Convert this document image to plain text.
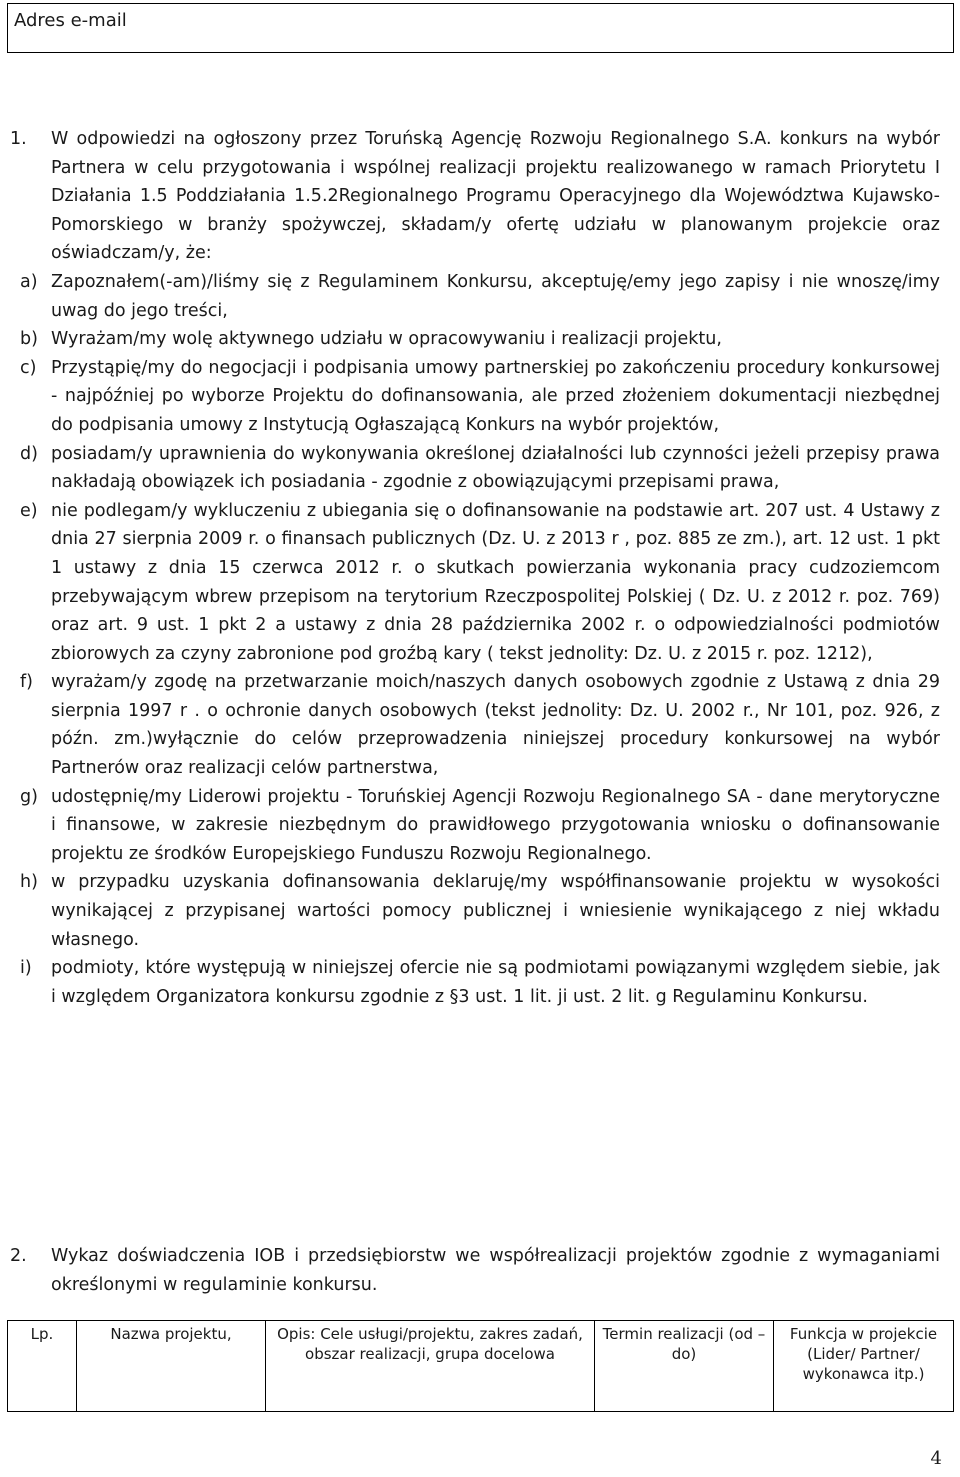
Adres e-mail
1. W odpowiedzi na ogłoszony przez Toruńską Agencję Rozwoju Regionalnego S.A. konkurs na wybór Partnera w celu przygotowania i wspólnej realizacji projektu realizowanego w ramach Priorytetu I Działania 1.5 Poddziałania 1.5.2Regionalnego Programu Operacyjnego dla Województwa Kujawsko-Pomorskiego w branży spożywczej, składam/y ofertę udziału w planowanym projekcie oraz oświadczam/y, że:
a) Zapoznałem(-am)/liśmy się z Regulaminem Konkursu, akceptuję/emy jego zapisy i nie wnoszę/imy uwag do jego treści,
b) Wyrażam/my wolę aktywnego udziału w opracowywaniu i realizacji projektu,
c) Przystąpię/my do negocjacji i podpisania umowy partnerskiej po zakończeniu procedury konkursowej - najpóźniej po wyborze Projektu do dofinansowania, ale przed złożeniem dokumentacji niezbędnej do podpisania umowy z Instytucją Ogłaszającą Konkurs na wybór projektów,
d) posiadam/y uprawnienia do wykonywania określonej działalności lub czynności jeżeli przepisy prawa nakładają obowiązek ich posiadania - zgodnie z obowiązującymi przepisami prawa,
e) nie podlegam/y wykluczeniu z ubiegania się o dofinansowanie na podstawie art. 207 ust. 4 Ustawy z dnia 27 sierpnia 2009 r. o finansach publicznych (Dz. U. z 2013 r , poz. 885 ze zm.), art. 12 ust. 1 pkt 1 ustawy z dnia 15 czerwca 2012 r. o skutkach powierzania wykonania pracy cudzoziemcom przebywającym wbrew przepisom na terytorium Rzeczpospolitej Polskiej ( Dz. U. z 2012 r. poz. 769) oraz art. 9 ust. 1 pkt 2 a ustawy z dnia 28 października 2002 r. o odpowiedzialności podmiotów zbiorowych za czyny zabronione pod groźbą kary ( tekst jednolity: Dz. U. z 2015 r. poz. 1212),
f)	wyrażam/y zgodę na przetwarzanie moich/naszych danych osobowych zgodnie z Ustawą z dnia 29 sierpnia 1997 r . o ochronie danych osobowych (tekst jednolity: Dz. U. 2002 r., Nr 101, poz. 926, z późn. zm.)wyłącznie do celów przeprowadzenia niniejszej procedury konkursowej na wybór Partnerów oraz realizacji celów partnerstwa,
g) udostępnię/my Liderowi projektu - Toruńskiej Agencji Rozwoju Regionalnego SA - dane merytoryczne i finansowe, w zakresie niezbędnym do prawidłowego przygotowania wniosku o dofinansowanie projektu ze środków Europejskiego Funduszu Rozwoju Regionalnego.
h) w przypadku uzyskania dofinansowania deklaruję/my współfinansowanie projektu w wysokości wynikającej z przypisanej wartości pomocy publicznej i wniesienie wynikającego z niej wkładu własnego.
i)	podmioty, które występują w niniejszej ofercie nie są podmiotami powiązanymi względem siebie, jak i względem Organizatora konkursu zgodnie z §3 ust. 1 lit. ji ust. 2 lit. g Regulaminu Konkursu.
2. Wykaz doświadczenia IOB i przedsiębiorstw we współrealizacji projektów zgodnie z wymaganiami określonymi w regulaminie konkursu.
Lp.	Nazwa projektu,	Opis: Cele usługi/projektu, zakres zadań, obszar realizacji, grupa docelowa	Termin realizacji (od – do)	Funkcja w projekcie (Lider/ Partner/ wykonawca itp.)
4
